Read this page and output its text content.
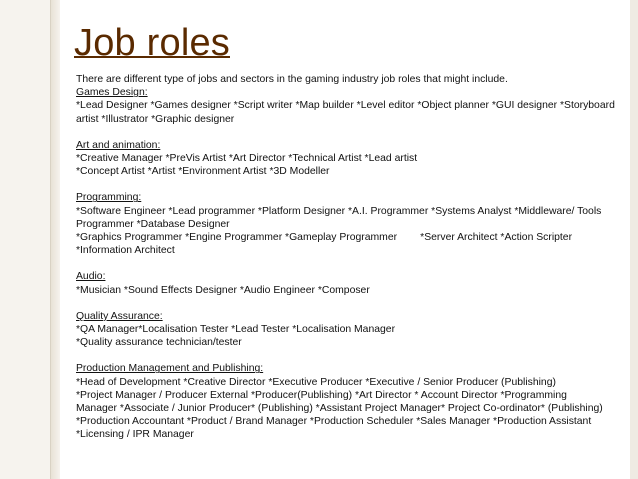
Job roles
There are different type of jobs and sectors in the gaming industry job roles that might include.
Games Design:
*Lead Designer *Games designer *Script writer *Map builder *Level editor *Object planner *GUI designer *Storyboard
artist *Illustrator *Graphic designer
Art and animation:
*Creative Manager *PreVis Artist *Art Director *Technical Artist *Lead artist
*Concept Artist *Artist *Environment Artist *3D Modeller
Programming:
*Software Engineer *Lead programmer *Platform Designer *A.I. Programmer *Systems Analyst *Middleware/ Tools
Programmer *Database Designer
*Graphics Programmer *Engine Programmer *Gameplay Programmer        *Server Architect *Action Scripter
*Information Architect
Audio:
*Musician *Sound Effects Designer *Audio Engineer *Composer
Quality Assurance:
*QA Manager*Localisation Tester *Lead Tester *Localisation Manager
*Quality assurance technician/tester
Production Management and Publishing:
*Head of Development *Creative Director *Executive Producer *Executive / Senior Producer (Publishing)
*Project Manager / Producer External *Producer(Publishing) *Art Director * Account Director *Programming
Manager *Associate / Junior Producer* (Publishing) *Assistant Project Manager* Project Co-ordinator* (Publishing)
*Production Accountant *Product / Brand Manager *Production Scheduler *Sales Manager *Production Assistant
*Licensing / IPR Manager
